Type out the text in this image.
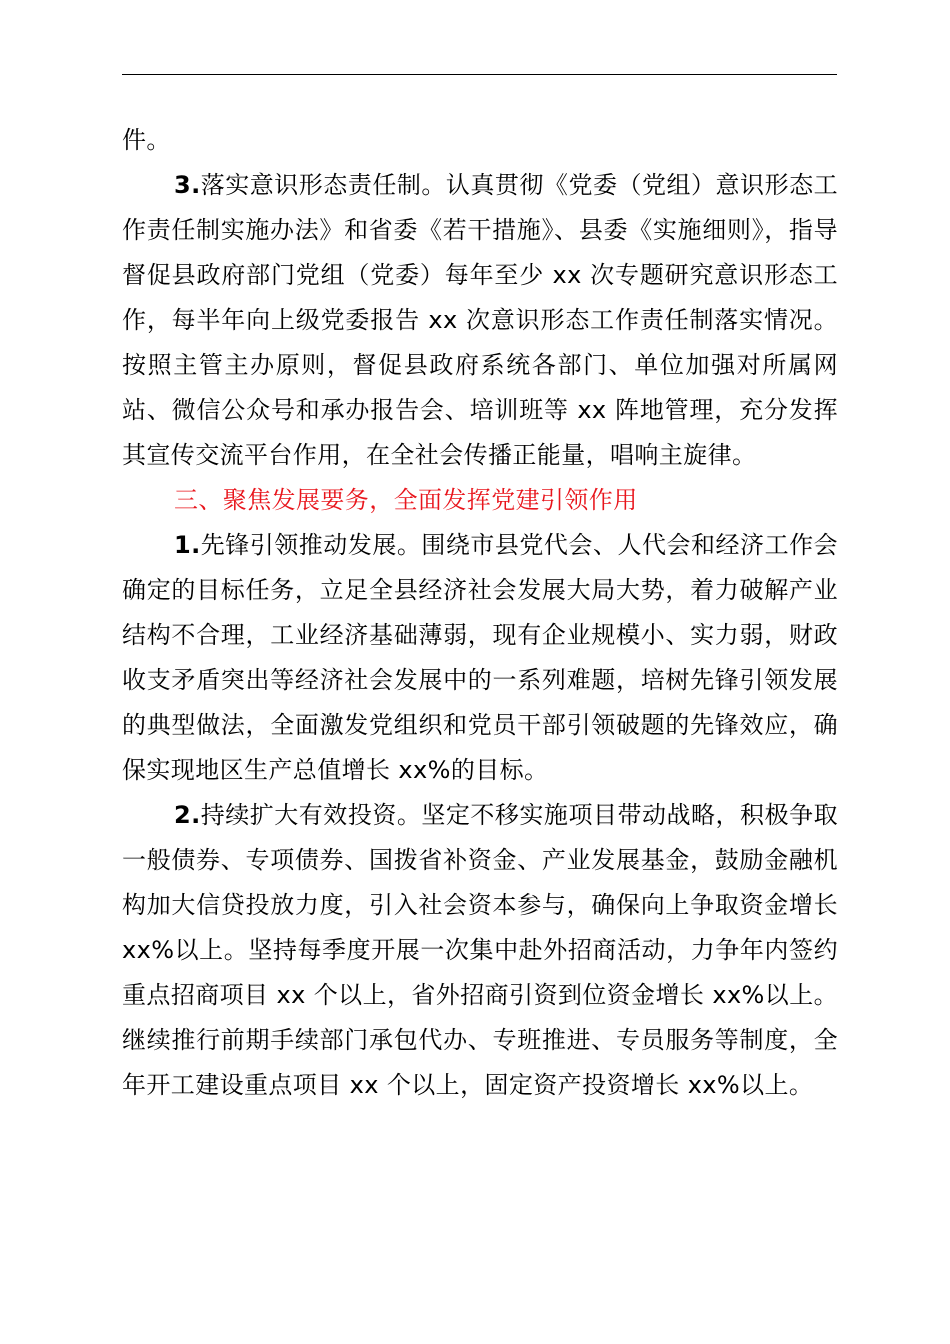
件。

3.落实意识形态责任制。认真贯彻《党委（党组）意识形态工作责任制实施办法》和省委《若干措施》、县委《实施细则》，指导督促县政府部门党组（党委）每年至少 xx 次专题研究意识形态工作，每半年向上级党委报告 xx 次意识形态工作责任制落实情况。按照主管主办原则，督促县政府系统各部门、单位加强对所属网站、微信公众号和承办报告会、培训班等 xx 阵地管理，充分发挥其宣传交流平台作用，在全社会传播正能量，唱响主旋律。

三、聚焦发展要务，全面发挥党建引领作用

1.先锋引领推动发展。围绕市县党代会、人代会和经济工作会确定的目标任务，立足全县经济社会发展大局大势，着力破解产业结构不合理，工业经济基础薄弱，现有企业规模小、实力弱，财政收支矛盾突出等经济社会发展中的一系列难题，培树先锋引领发展的典型做法，全面激发党组织和党员干部引领破题的先锋效应，确保实现地区生产总值增长 xx%的目标。

2.持续扩大有效投资。坚定不移实施项目带动战略，积极争取一般债券、专项债券、国拨省补资金、产业发展基金，鼓励金融机构加大信贷投放力度，引入社会资本参与，确保向上争取资金增长 xx%以上。坚持每季度开展一次集中赴外招商活动，力争年内签约重点招商项目 xx 个以上，省外招商引资到位资金增长 xx%以上。继续推行前期手续部门承包代办、专班推进、专员服务等制度，全年开工建设重点项目 xx 个以上，固定资产投资增长 xx%以上。
